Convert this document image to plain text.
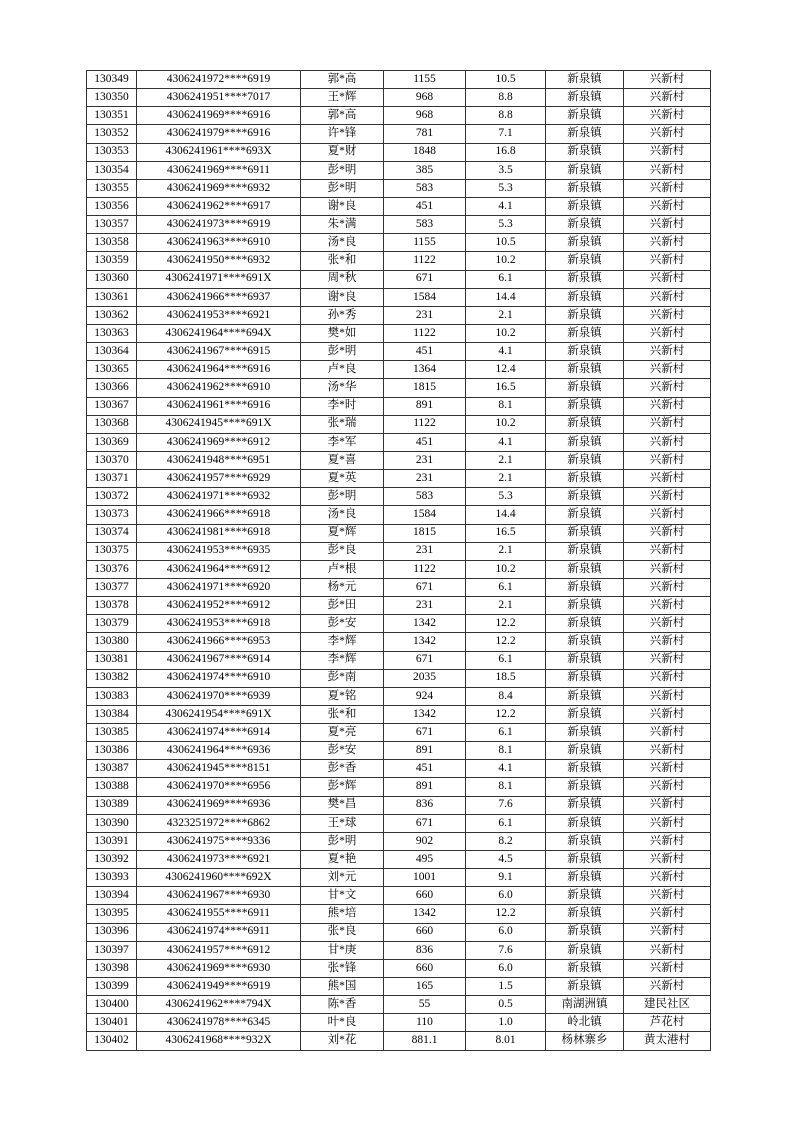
130349	4306241972****6919	郭*高	1155	10.5	新泉镇	兴新村
130350	4306241951****7017	王*辉	968	8.8	新泉镇	兴新村
130351	4306241969****6916	郭*高	968	8.8	新泉镇	兴新村
130352	4306241979****6916	许*锋	781	7.1	新泉镇	兴新村
130353	4306241961****693X	夏*财	1848	16.8	新泉镇	兴新村
130354	4306241969****6911	彭*明	385	3.5	新泉镇	兴新村
130355	4306241969****6932	彭*明	583	5.3	新泉镇	兴新村
130356	4306241962****6917	谢*良	451	4.1	新泉镇	兴新村
130357	4306241973****6919	朱*满	583	5.3	新泉镇	兴新村
130358	4306241963****6910	汤*良	1155	10.5	新泉镇	兴新村
130359	4306241950****6932	张*和	1122	10.2	新泉镇	兴新村
130360	4306241971****691X	周*秋	671	6.1	新泉镇	兴新村
130361	4306241966****6937	谢*良	1584	14.4	新泉镇	兴新村
130362	4306241953****6921	孙*秀	231	2.1	新泉镇	兴新村
130363	4306241964****694X	樊*如	1122	10.2	新泉镇	兴新村
130364	4306241967****6915	彭*明	451	4.1	新泉镇	兴新村
130365	4306241964****6916	卢*良	1364	12.4	新泉镇	兴新村
130366	4306241962****6910	汤*华	1815	16.5	新泉镇	兴新村
130367	4306241961****6916	李*时	891	8.1	新泉镇	兴新村
130368	4306241945****691X	张*瑞	1122	10.2	新泉镇	兴新村
130369	4306241969****6912	李*军	451	4.1	新泉镇	兴新村
130370	4306241948****6951	夏*喜	231	2.1	新泉镇	兴新村
130371	4306241957****6929	夏*英	231	2.1	新泉镇	兴新村
130372	4306241971****6932	彭*明	583	5.3	新泉镇	兴新村
130373	4306241966****6918	汤*良	1584	14.4	新泉镇	兴新村
130374	4306241981****6918	夏*辉	1815	16.5	新泉镇	兴新村
130375	4306241953****6935	彭*良	231	2.1	新泉镇	兴新村
130376	4306241964****6912	卢*根	1122	10.2	新泉镇	兴新村
130377	4306241971****6920	杨*元	671	6.1	新泉镇	兴新村
130378	4306241952****6912	彭*田	231	2.1	新泉镇	兴新村
130379	4306241953****6918	彭*安	1342	12.2	新泉镇	兴新村
130380	4306241966****6953	李*辉	1342	12.2	新泉镇	兴新村
130381	4306241967****6914	李*辉	671	6.1	新泉镇	兴新村
130382	4306241974****6910	彭*南	2035	18.5	新泉镇	兴新村
130383	4306241970****6939	夏*铭	924	8.4	新泉镇	兴新村
130384	4306241954****691X	张*和	1342	12.2	新泉镇	兴新村
130385	4306241974****6914	夏*亮	671	6.1	新泉镇	兴新村
130386	4306241964****6936	彭*安	891	8.1	新泉镇	兴新村
130387	4306241945****8151	彭*香	451	4.1	新泉镇	兴新村
130388	4306241970****6956	彭*辉	891	8.1	新泉镇	兴新村
130389	4306241969****6936	樊*昌	836	7.6	新泉镇	兴新村
130390	4323251972****6862	王*球	671	6.1	新泉镇	兴新村
130391	4306241975****9336	彭*明	902	8.2	新泉镇	兴新村
130392	4306241973****6921	夏*艳	495	4.5	新泉镇	兴新村
130393	4306241960****692X	刘*元	1001	9.1	新泉镇	兴新村
130394	4306241967****6930	甘*文	660	6.0	新泉镇	兴新村
130395	4306241955****6911	熊*培	1342	12.2	新泉镇	兴新村
130396	4306241974****6911	张*良	660	6.0	新泉镇	兴新村
130397	4306241957****6912	甘*庚	836	7.6	新泉镇	兴新村
130398	4306241969****6930	张*锋	660	6.0	新泉镇	兴新村
130399	4306241949****6919	熊*国	165	1.5	新泉镇	兴新村
130400	4306241962****794X	陈*香	55	0.5	南湖洲镇	建民社区
130401	4306241978****6345	叶*良	110	1.0	岭北镇	芦花村
130402	4306241968****932X	刘*花	881.1	8.01	杨林寨乡	黄太港村
